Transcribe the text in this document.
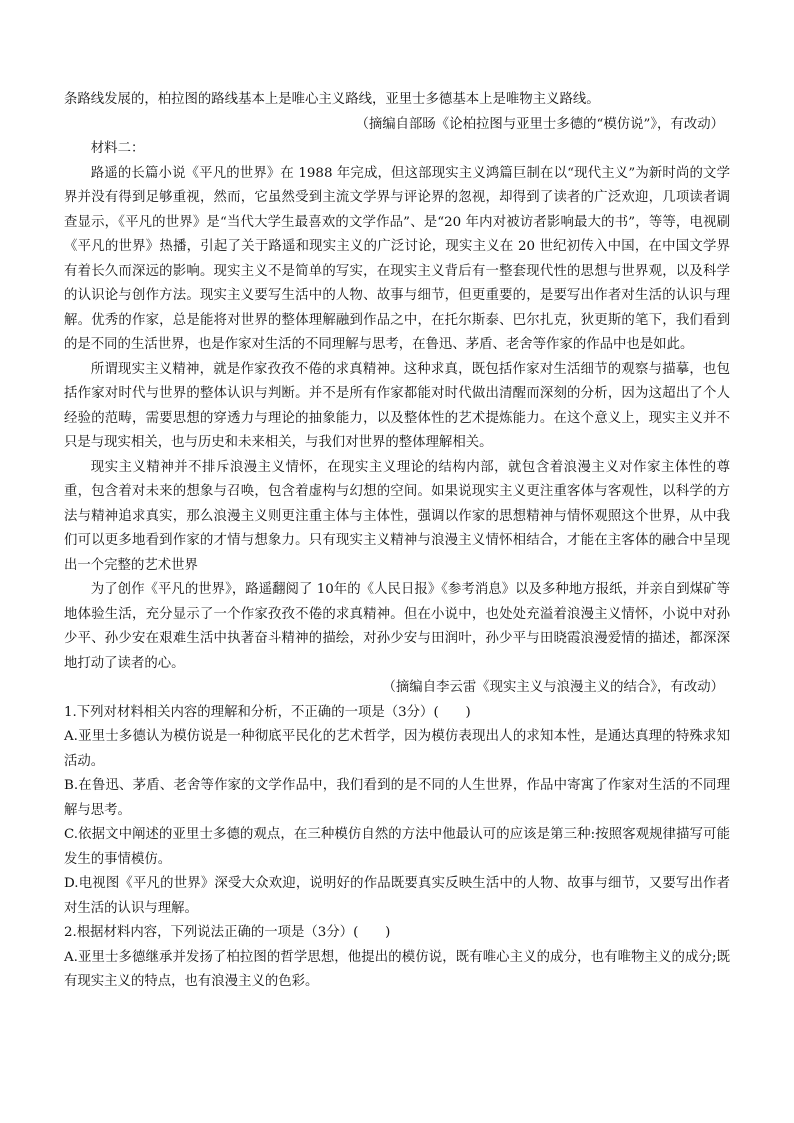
条路线发展的，柏拉图的路线基本上是唯心主义路线，亚里士多德基本上是唯物主义路线。

（摘编自部旸《论柏拉图与亚里士多德的“模仿说”》，有改动）

材料二：

路遥的长篇小说《平凡的世界》在 1988 年完成，但这部现实主义鸿篇巨制在以“现代主义”为新时尚的文学界并没有得到足够重视，然而，它虽然受到主流文学界与评论界的忽视，却得到了读者的广泛欢迎，几项读者调查显示，《平凡的世界》是“当代大学生最喜欢的文学作品”、是“20 年内对被访者影响最大的书”，等等，电视刷《平凡的世界》热播，引起了关于路遥和现实主义的广泛讨论，现实主义在 20 世纪初传入中国，在中国文学界有着长久而深远的影响。现实主义不是简单的写实，在现实主义背后有一整套现代性的思想与世界观，以及科学的认识论与创作方法。现实主义要写生活中的人物、故事与细节，但更重要的，是要写出作者对生活的认识与理解。优秀的作家，总是能将对世界的整体理解融到作品之中，在托尔斯泰、巴尔扎克，狄更斯的笔下，我们看到的是不同的生活世界，也是作家对生活的不同理解与思考，在鲁迅、茅盾、老舍等作家的作品中也是如此。

所谓现实主义精神，就是作家孜孜不倦的求真精神。这种求真，既包括作家对生活细节的观察与描摹，也包括作家对时代与世界的整体认识与判断。并不是所有作家都能对时代做出清醒而深刻的分析，因为这超出了个人经验的范畴，需要思想的穿透力与理论的抽象能力，以及整体性的艺术提炼能力。在这个意义上，现实主义并不只是与现实相关，也与历史和未来相关，与我们对世界的整体理解相关。

现实主义精神并不排斥浪漫主义情怀，在现实主义理论的结构内部，就包含着浪漫主义对作家主体性的尊重，包含着对未来的想象与召唤，包含着虚构与幻想的空间。如果说现实主义更注重客体与客观性，以科学的方法与精神追求真实，那么浪漫主义则更注重主体与主体性，强调以作家的思想精神与情怀观照这个世界，从中我们可以更多地看到作家的才情与想象力。只有现实主义精神与浪漫主义情怀相结合，才能在主客体的融合中呈现出一个完整的艺术世界

为了创作《平凡的世界》，路遥翻阅了 10年的《人民日报》《参考消息》以及多种地方报纸，并亲自到煤矿等地体验生活，充分显示了一个作家孜孜不倦的求真精神。但在小说中，也处处充溢着浪漫主义情怀，小说中对孙少平、孙少安在艰难生活中执著奋斗精神的描绘，对孙少安与田润叶，孙少平与田晓霞浪漫爱情的描述，都深深地打动了读者的心。

（摘编自李云雷《现实主义与浪漫主义的结合》，有改动）

1.下列对材料相关内容的理解和分析，不正确的一项是（3分）(　　)

A.亚里士多德认为模仿说是一种彻底平民化的艺术哲学，因为模仿表现出人的求知本性，是通达真理的特殊求知活动。

B.在鲁迅、茅盾、老舍等作家的文学作品中，我们看到的是不同的人生世界，作品中寄寓了作家对生活的不同理解与思考。

C.依据文中阐述的亚里士多德的观点，在三种模仿自然的方法中他最认可的应该是第三种:按照客观规律描写可能发生的事情模仿。

D.电视图《平凡的世界》深受大众欢迎，说明好的作品既要真实反映生活中的人物、故事与细节，又要写出作者对生活的认识与理解。

2.根据材料内容，下列说法正确的一项是（3分）(　　)

A.亚里士多德继承并发扬了柏拉图的哲学思想，他提出的模仿说，既有唯心主义的成分，也有唯物主义的成分;既有现实主义的特点，也有浪漫主义的色彩。
